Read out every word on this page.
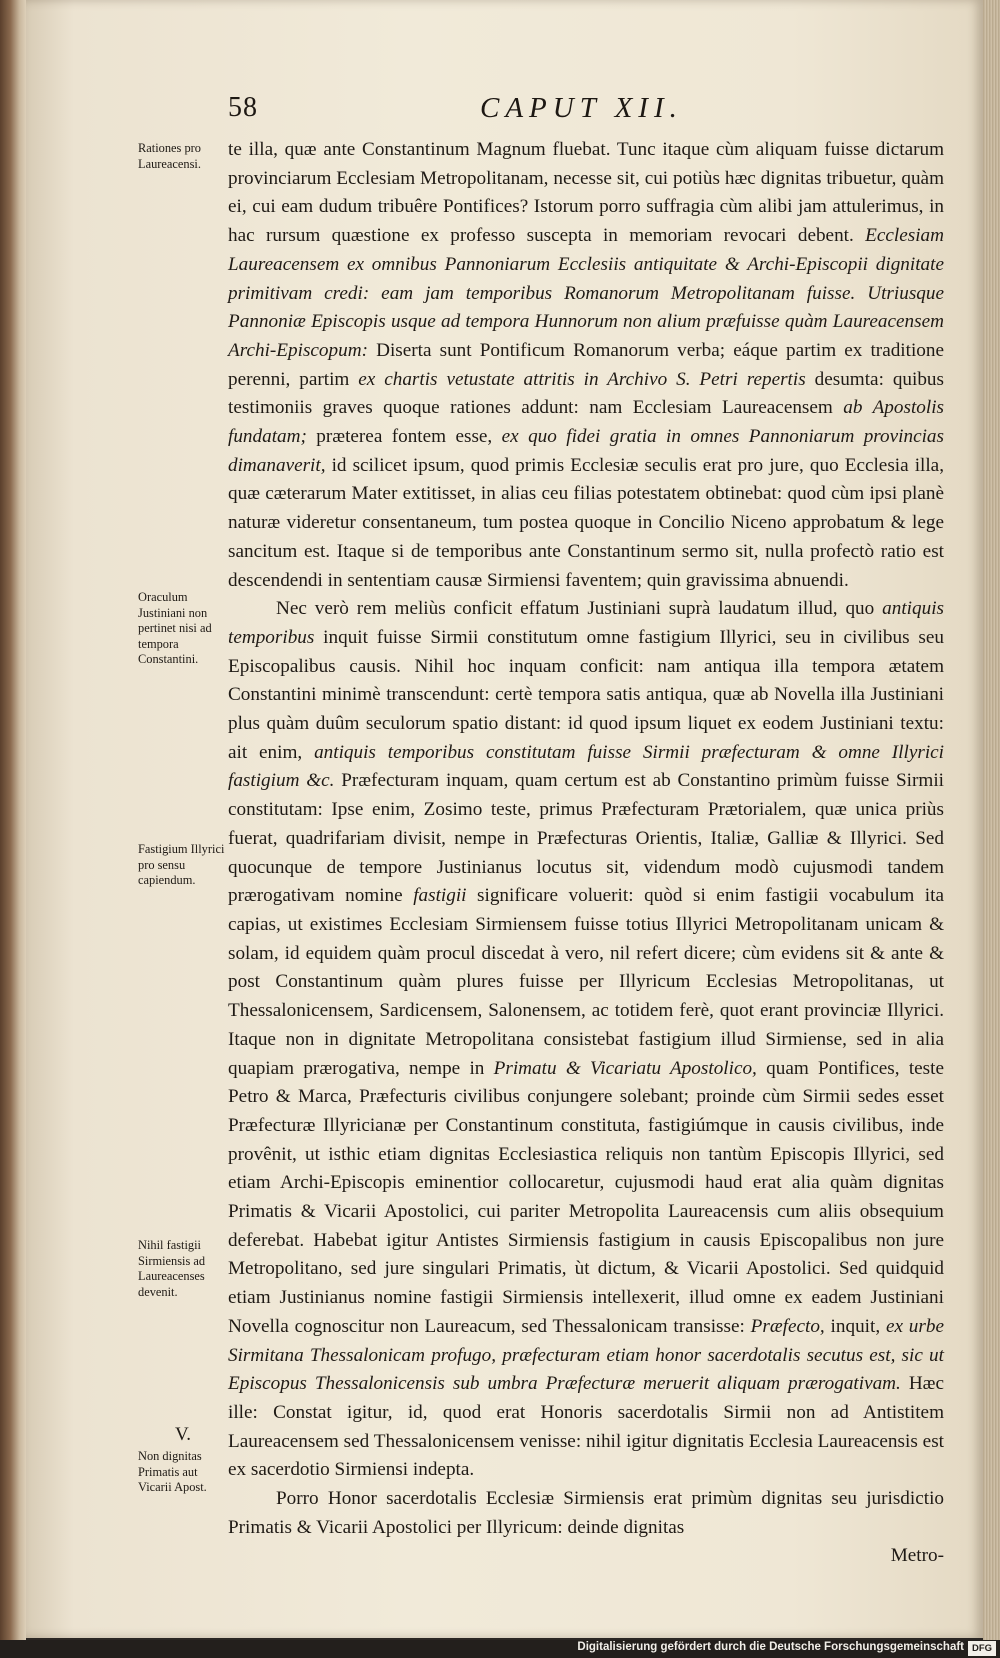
58	CAPUT XII.
Rationes pro Laureacensi.
Oraculum Justiniani non pertinet nisi ad tempora Constantini.
Fastigium Illyrici pro sensu capiendum.
Nihil fastigii Sirmiensis ad Laureacenses devenit.
V.
Non dignitas Primatis aut Vicarii Apost.

te illa, quæ ante Constantinum Magnum fluebat. Tunc itaque cùm aliquam fuisse dictarum provinciarum Ecclesiam Metropolitanam, necesse sit, cui potiùs hæc dignitas tribuetur, quàm ei, cui eam dudum tribuêre Pontifices? Istorum porro suffragia cùm alibi jam attulerimus, in hac rursum quæstione ex professo suscepta in memoriam revocari debent. Ecclesiam Laureacensem ex omnibus Pannoniarum Ecclesiis antiquitate & Archi-Episcopii dignitate primitivam credi: eam jam temporibus Romanorum Metropolitanam fuisse. Utriusque Pannoniæ Episcopis usque ad tempora Hunnorum non alium præfuisse quàm Laureacensem Archi-Episcopum: Diserta sunt Pontificum Romanorum verba; eáque partim ex traditione perenni, partim ex chartis vetustate attritis in Archivo S. Petri repertis desumta: quibus testimoniis graves quoque rationes addunt: nam Ecclesiam Laureacensem ab Apostolis fundatam; præterea fontem esse, ex quo fidei gratia in omnes Pannoniarum provincias dimanaverit, id scilicet ipsum, quod primis Ecclesiæ seculis erat pro jure, quo Ecclesia illa, quæ cæterarum Mater extitisset, in alias ceu filias potestatem obtinebat: quod cùm ipsi planè naturæ videretur consentaneum, tum postea quoque in Concilio Niceno approbatum & lege sancitum est. Itaque si de temporibus ante Constantinum sermo sit, nulla profectò ratio est descendendi in sententiam causæ Sirmiensi faventem; quin gravissima abnuendi.

Nec verò rem meliùs conficit effatum Justiniani suprà laudatum illud, quo antiquis temporibus inquit fuisse Sirmii constitutum omne fastigium Illyrici, seu in civilibus seu Episcopalibus causis. Nihil hoc inquam conficit: nam antiqua illa tempora ætatem Constantini minimè transcendunt: certè tempora satis antiqua, quæ ab Novella illa Justiniani plus quàm duûm seculorum spatio distant: id quod ipsum liquet ex eodem Justiniani textu: ait enim, antiquis temporibus constitutam fuisse Sirmii præfecturam & omne Illyrici fastigium &c. Præfecturam inquam, quam certum est ab Constantino primùm fuisse Sirmii constitutam: Ipse enim, Zosimo teste, primus Præfecturam Prætorialem, quæ unica priùs fuerat, quadrifariam divisit, nempe in Præfecturas Orientis, Italiæ, Galliæ & Illyrici. Sed quocunque de tempore Justinianus locutus sit, videndum modò cujusmodi tandem prærogativam nomine fastigii significare voluerit: quòd si enim fastigii vocabulum ita capias, ut existimes Ecclesiam Sirmiensem fuisse totius Illyrici Metropolitanam unicam & solam, id equidem quàm procul discedat à vero, nil refert dicere; cùm evidens sit & ante & post Constantinum quàm plures fuisse per Illyricum Ecclesias Metropolitanas, ut Thessalonicensem, Sardicensem, Salonensem, ac totidem ferè, quot erant provinciæ Illyrici. Itaque non in dignitate Metropolitana consistebat fastigium illud Sirmiense, sed in alia quapiam prærogativa, nempe in Primatu & Vicariatu Apostolico, quam Pontifices, teste Petro & Marca, Præfecturis civilibus conjungere solebant; proinde cùm Sirmii sedes esset Præfecturæ Illyricianæ per Constantinum constituta, fastigiúmque in causis civilibus, inde provênit, ut isthic etiam dignitas Ecclesiastica reliquis non tantùm Episcopis Illyrici, sed etiam Archi-Episcopis eminentior collocaretur, cujusmodi haud erat alia quàm dignitas Primatis & Vicarii Apostolici, cui pariter Metropolita Laureacensis cum aliis obsequium deferebat. Habebat igitur Antistes Sirmiensis fastigium in causis Episcopalibus non jure Metropolitano, sed jure singulari Primatis, ùt dictum, & Vicarii Apostolici. Sed quidquid etiam Justinianus nomine fastigii Sirmiensis intellexerit, illud omne ex eadem Justiniani Novella cognoscitur non Laureacum, sed Thessalonicam transisse: Præfecto, inquit, ex urbe Sirmitana Thessalonicam profugo, præfecturam etiam honor sacerdotalis secutus est, sic ut Episcopus Thessalonicensis sub umbra Præfecturæ meruerit aliquam prærogativam. Hæc ille: Constat igitur, id, quod erat Honoris sacerdotalis Sirmii non ad Antistitem Laureacensem sed Thessalonicensem venisse: nihil igitur dignitatis Ecclesia Laureacensis est ex sacerdotio Sirmiensi indepta.

Porro Honor sacerdotalis Ecclesiæ Sirmiensis erat primùm dignitas seu jurisdictio Primatis & Vicarii Apostolici per Illyricum: deinde dignitas

Metro-

Digitalisierung gefördert durch die Deutsche Forschungsgemeinschaft DFG
